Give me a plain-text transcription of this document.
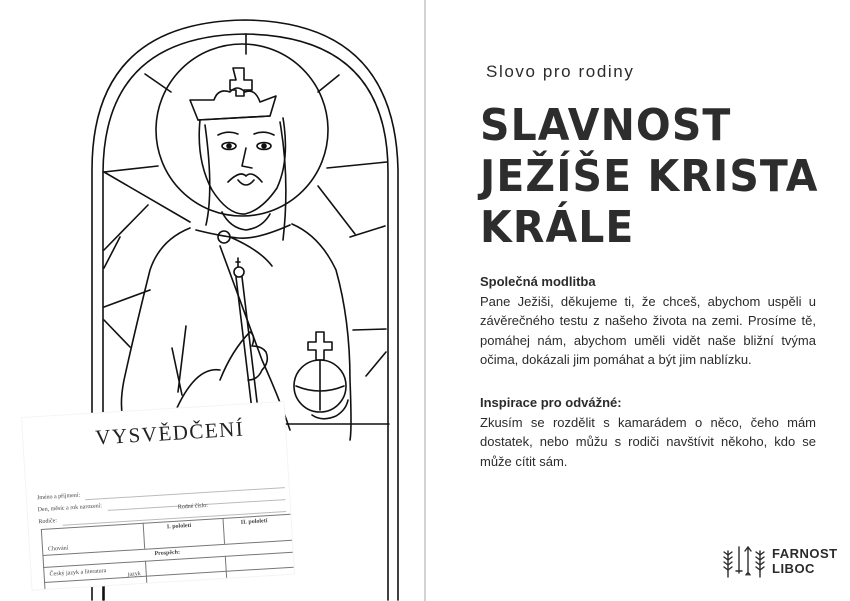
VYSVĚDČENÍ
Jméno a příjmení:
Den, měsíc a rok narození:	Rodné číslo:
Rodiče:
I. pololetí
II. pololetí
Chování
Prospěch:
Český jazyk a literatura	jazyk
Slovo pro rodiny
SLAVNOST
JEŽÍŠE KRISTA
KRÁLE
Společná modlitba
Pane Ježiši, děkujeme ti, že chceš, abychom uspěli u závěrečného testu z našeho života na zemi. Prosíme tě, pomáhej nám, abychom uměli vidět naše bližní tvýma očima, dokázali jim pomáhat a být jim nablízku.
Inspirace pro odvážné:
Zkusím se rozdělit s kamarádem o něco, čeho mám dostatek, nebo můžu s rodiči navštívit někoho, kdo se může cítit sám.
FARNOST
LIBOC
